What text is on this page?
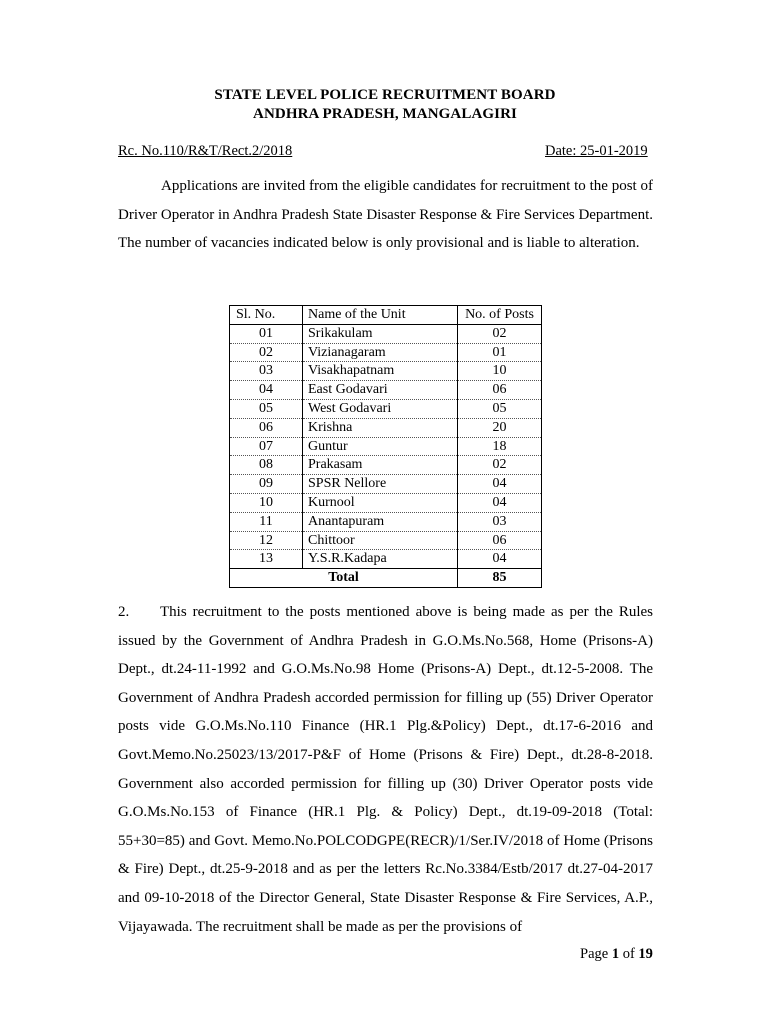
STATE LEVEL POLICE RECRUITMENT BOARD
ANDHRA PRADESH, MANGALAGIRI
Rc. No.110/R&T/Rect.2/2018	Date: 25-01-2019
Applications are invited from the eligible candidates for recruitment to the post of Driver Operator in Andhra Pradesh State Disaster Response & Fire Services Department. The number of vacancies indicated below is only provisional and is liable to alteration.
Sl. No.	Name of the Unit	No. of Posts
01	Srikakulam	02
02	Vizianagaram	01
03	Visakhapatnam	10
04	East Godavari	06
05	West Godavari	05
06	Krishna	20
07	Guntur	18
08	Prakasam	02
09	SPSR Nellore	04
10	Kurnool	04
11	Anantapuram	03
12	Chittoor	06
13	Y.S.R.Kadapa	04
Total		85
2. This recruitment to the posts mentioned above is being made as per the Rules issued by the Government of Andhra Pradesh in G.O.Ms.No.568, Home (Prisons-A) Dept., dt.24-11-1992 and G.O.Ms.No.98 Home (Prisons-A) Dept., dt.12-5-2008. The Government of Andhra Pradesh accorded permission for filling up (55) Driver Operator posts vide G.O.Ms.No.110 Finance (HR.1 Plg.&Policy) Dept., dt.17-6-2016 and Govt.Memo.No.25023/13/2017-P&F of Home (Prisons & Fire) Dept., dt.28-8-2018. Government also accorded permission for filling up (30) Driver Operator posts vide G.O.Ms.No.153 of Finance (HR.1 Plg. & Policy) Dept., dt.19-09-2018 (Total: 55+30=85) and Govt. Memo.No.POLCODGPE(RECR)/1/Ser.IV/2018 of Home (Prisons & Fire) Dept., dt.25-9-2018 and as per the letters Rc.No.3384/Estb/2017 dt.27-04-2017 and 09-10-2018 of the Director General, State Disaster Response & Fire Services, A.P., Vijayawada. The recruitment shall be made as per the provisions of
Page 1 of 19
